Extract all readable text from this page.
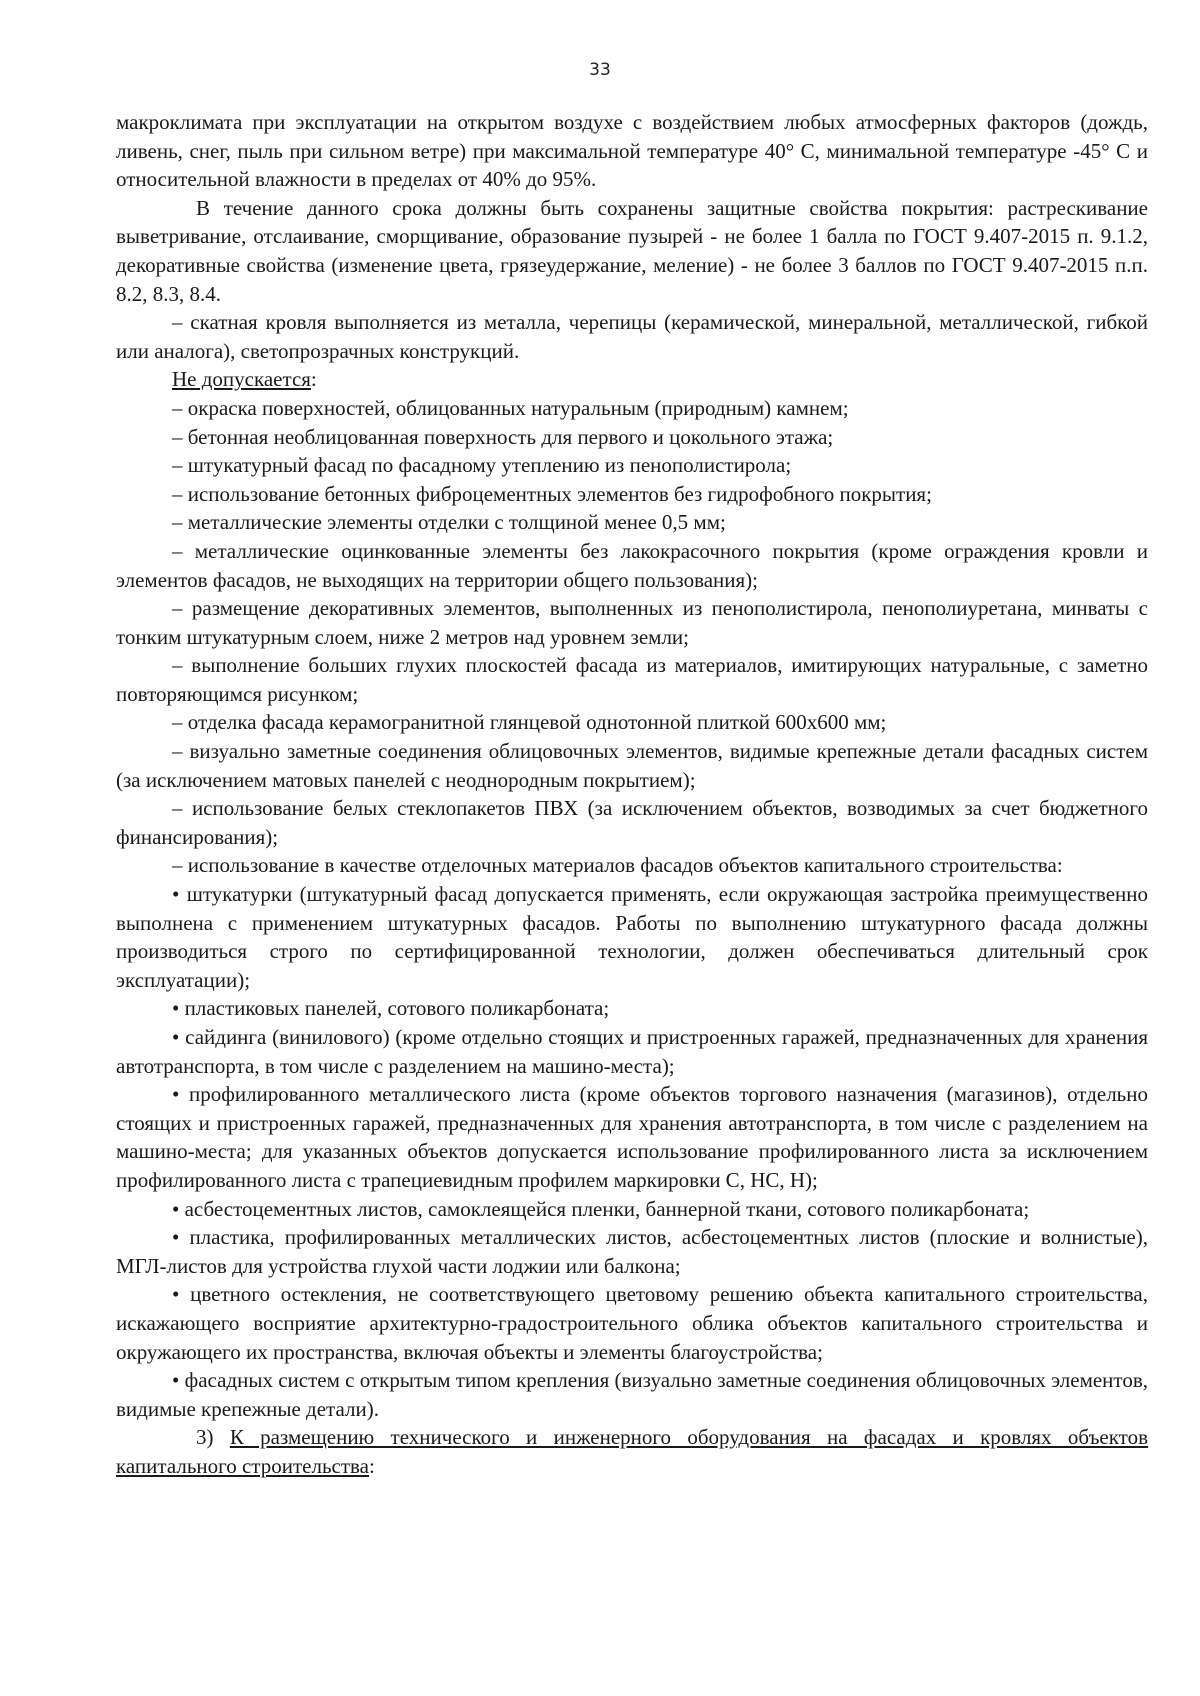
33

макроклимата при эксплуатации на открытом воздухе с воздействием любых атмосферных факторов (дождь, ливень, снег, пыль при сильном ветре) при максимальной температуре 40° С, минимальной температуре -45° С и относительной влажности в пределах от 40% до 95%.

В течение данного срока должны быть сохранены защитные свойства покрытия: растрескивание выветривание, отслаивание, сморщивание, образование пузырей - не более 1 балла по ГОСТ 9.407-2015 п. 9.1.2, декоративные свойства (изменение цвета, грязеудержание, меление) - не более 3 баллов по ГОСТ 9.407-2015 п.п. 8.2, 8.3, 8.4.

– скатная кровля выполняется из металла, черепицы (керамической, минеральной, металлической, гибкой или аналога), светопрозрачных конструкций.

Не допускается:

– окраска поверхностей, облицованных натуральным (природным) камнем;

– бетонная необлицованная поверхность для первого и цокольного этажа;

– штукатурный фасад по фасадному утеплению из пенополистирола;

– использование бетонных фиброцементных элементов без гидрофобного покрытия;

– металлические элементы отделки с толщиной менее 0,5 мм;

– металлические оцинкованные элементы без лакокрасочного покрытия (кроме ограждения кровли и элементов фасадов, не выходящих на территории общего пользования);

– размещение декоративных элементов, выполненных из пенополистирола, пенополиуретана, минваты с тонким штукатурным слоем, ниже 2 метров над уровнем земли;

– выполнение больших глухих плоскостей фасада из материалов, имитирующих натуральные, с заметно повторяющимся рисунком;

– отделка фасада керамогранитной глянцевой однотонной плиткой 600х600 мм;

– визуально заметные соединения облицовочных элементов, видимые крепежные детали фасадных систем (за исключением матовых панелей с неоднородным покрытием);

– использование белых стеклопакетов ПВХ (за исключением объектов, возводимых за счет бюджетного финансирования);

– использование в качестве отделочных материалов фасадов объектов капитального строительства:

• штукатурки (штукатурный фасад допускается применять, если окружающая застройка преимущественно выполнена с применением штукатурных фасадов. Работы по выполнению штукатурного фасада должны производиться строго по сертифицированной технологии, должен обеспечиваться длительный срок эксплуатации);

• пластиковых панелей, сотового поликарбоната;

• сайдинга (винилового) (кроме отдельно стоящих и пристроенных гаражей, предназначенных для хранения автотранспорта, в том числе с разделением на машино-места);

• профилированного металлического листа (кроме объектов торгового назначения (магазинов), отдельно стоящих и пристроенных гаражей, предназначенных для хранения автотранспорта, в том числе с разделением на машино-места; для указанных объектов допускается использование профилированного листа за исключением профилированного листа с трапециевидным профилем маркировки С, НС, Н);

• асбестоцементных листов, самоклеящейся пленки, баннерной ткани, сотового поликарбоната;

• пластика, профилированных металлических листов, асбестоцементных листов (плоские и волнистые), МГЛ-листов для устройства глухой части лоджии или балкона;

• цветного остекления, не соответствующего цветовому решению объекта капитального строительства, искажающего восприятие архитектурно-градостроительного облика объектов капитального строительства и окружающего их пространства, включая объекты и элементы благоустройства;

• фасадных систем с открытым типом крепления (визуально заметные соединения облицовочных элементов, видимые крепежные детали).

3) К размещению технического и инженерного оборудования на фасадах и кровлях объектов капитального строительства:
